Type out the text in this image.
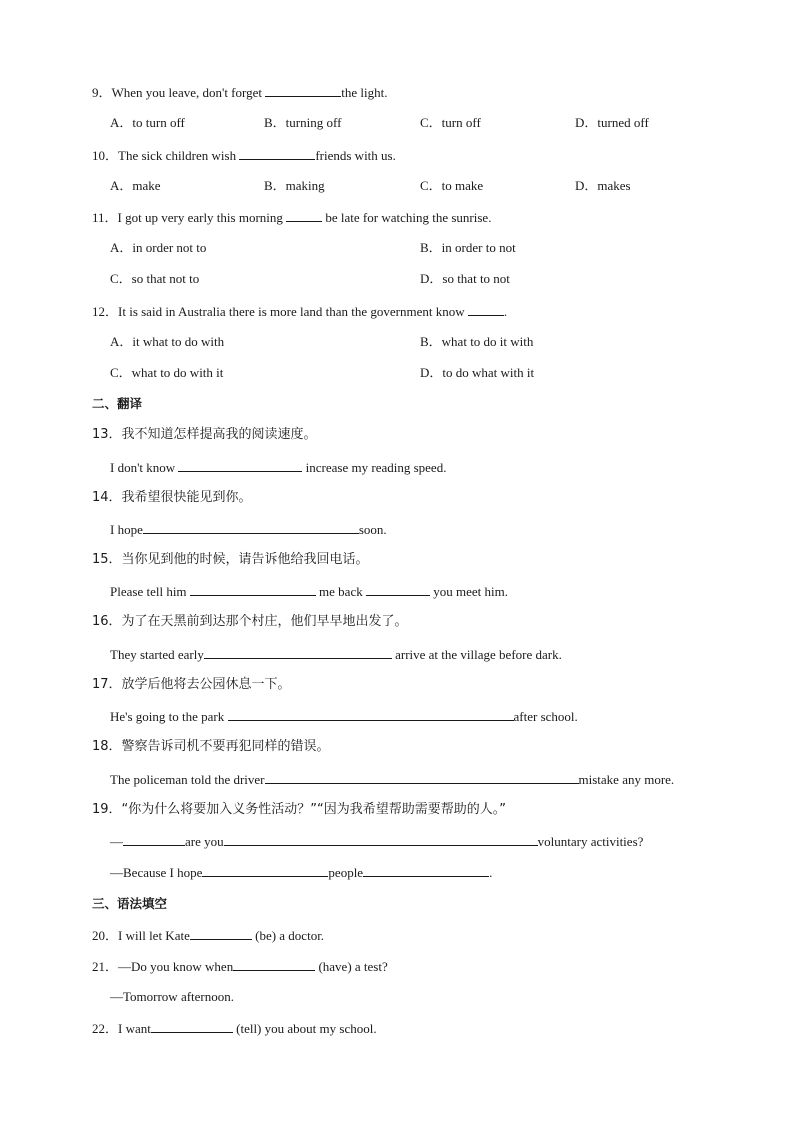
9．When you leave, don't forget	the light.
A．to turn off	B．turning off	C．turn off	D．turned off
10．The sick children wish	friends with us.
A．make	B．making	C．to make	D．makes
11．I got up very early this morning	be late for watching the sunrise.
A．in order not to	B．in order to not
C．so that not to	D．so that to not
12．It is said in Australia there is more land than the government know	.
A．it what to do with	B．what to do it with
C．what to do with it	D．to do what with it
二、翻译
13．我不知道怎样提高我的阅读速度。
I don't know	increase my reading speed.
14．我希望很快能见到你。
I hope	soon.
15．当你见到他的时候，请告诉他给我回电话。
Please tell him	me back	you meet him.
16．为了在天黑前到达那个村庄，他们早早地出发了。
They started early	arrive at the village before dark.
17．放学后他将去公园休息一下。
He's going to the park	after school.
18．警察告诉司机不要再犯同样的错误。
The policeman told the driver	mistake any more.
19．“你为什么将要加入义务性活动？”“因为我希望帮助需要帮助的人。”
—	are you	voluntary activities?
—Because I hope	people	.
三、语法填空
20．I will let Kate	(be) a doctor.
21．—Do you know when	(have) a test?
—Tomorrow afternoon.
22．I want	(tell) you about my school.
